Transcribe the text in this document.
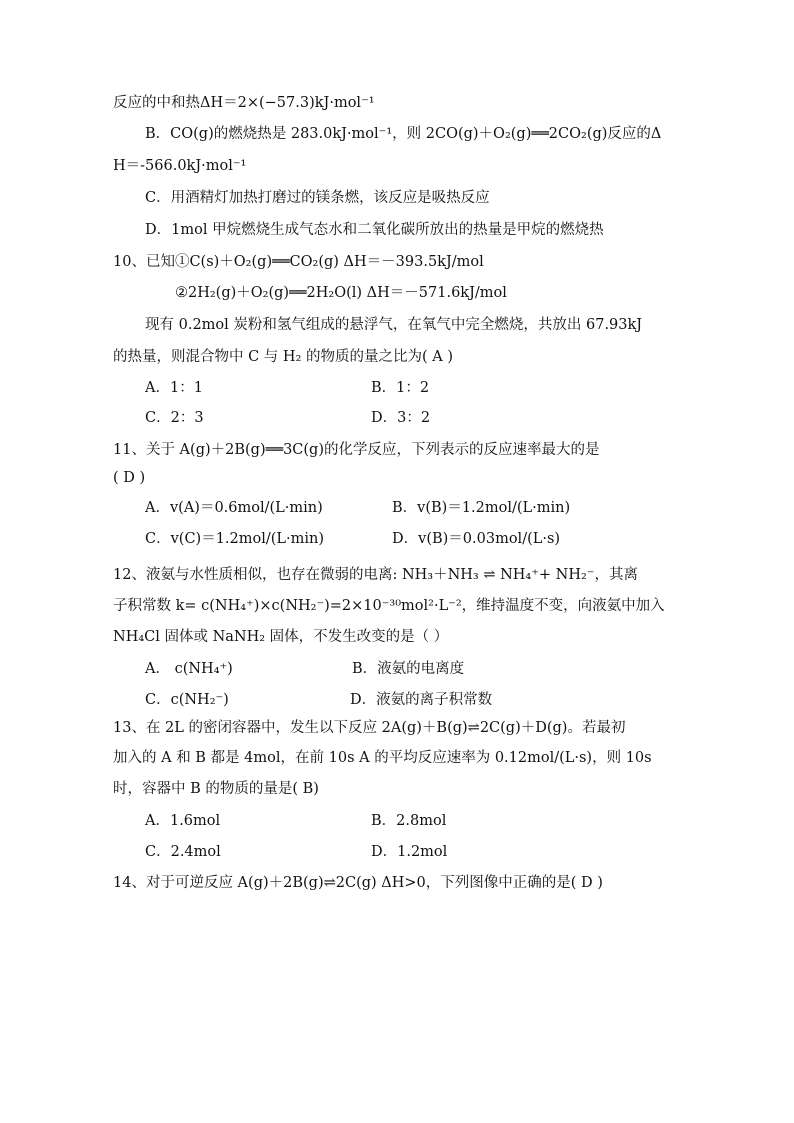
反应的中和热ΔH＝2×(−57.3)kJ·mol⁻¹
B．CO(g)的燃烧热是 283.0kJ·mol⁻¹，则 2CO(g)＋O₂(g)══2CO₂(g)反应的Δ
H＝-566.0kJ·mol⁻¹
C．用酒精灯加热打磨过的镁条燃，该反应是吸热反应
D．1mol 甲烷燃烧生成气态水和二氧化碳所放出的热量是甲烷的燃烧热
10、已知①C(s)＋O₂(g)══CO₂(g) ΔH＝－393.5kJ/mol
②2H₂(g)＋O₂(g)══2H₂O(l) ΔH＝－571.6kJ/mol
现有 0.2mol 炭粉和氢气组成的悬浮气，在氧气中完全燃烧，共放出 67.93kJ
的热量，则混合物中 C 与 H₂ 的物质的量之比为( A )
A．1：1	B．1：2
C．2：3	D．3：2
11、关于 A(g)＋2B(g)══3C(g)的化学反应，下列表示的反应速率最大的是
( D )
A．v(A)＝0.6mol/(L·min)	B．v(B)＝1.2mol/(L·min)
C．v(C)＝1.2mol/(L·min)	D．v(B)＝0.03mol/(L·s)
12、液氨与水性质相似，也存在微弱的电离: NH₃＋NH₃ ⇌ NH₄⁺+ NH₂⁻，其离
子积常数 k= c(NH₄⁺)×c(NH₂⁻)=2×10⁻³⁰mol²·L⁻²，维持温度不变，向液氨中加入
NH₄Cl 固体或 NaNH₂ 固体，不发生改变的是（ ）
A． c(NH₄⁺)	B．液氨的电离度
C．c(NH₂⁻)	D．液氨的离子积常数
13、在 2L 的密闭容器中，发生以下反应 2A(g)＋B(g)⇌2C(g)＋D(g)。若最初
加入的 A 和 B 都是 4mol，在前 10s A 的平均反应速率为 0.12mol/(L·s)，则 10s
时，容器中 B 的物质的量是( B)
A．1.6mol	B．2.8mol
C．2.4mol	D．1.2mol
14、对于可逆反应 A(g)＋2B(g)⇌2C(g) ΔH>0，下列图像中正确的是( D )
